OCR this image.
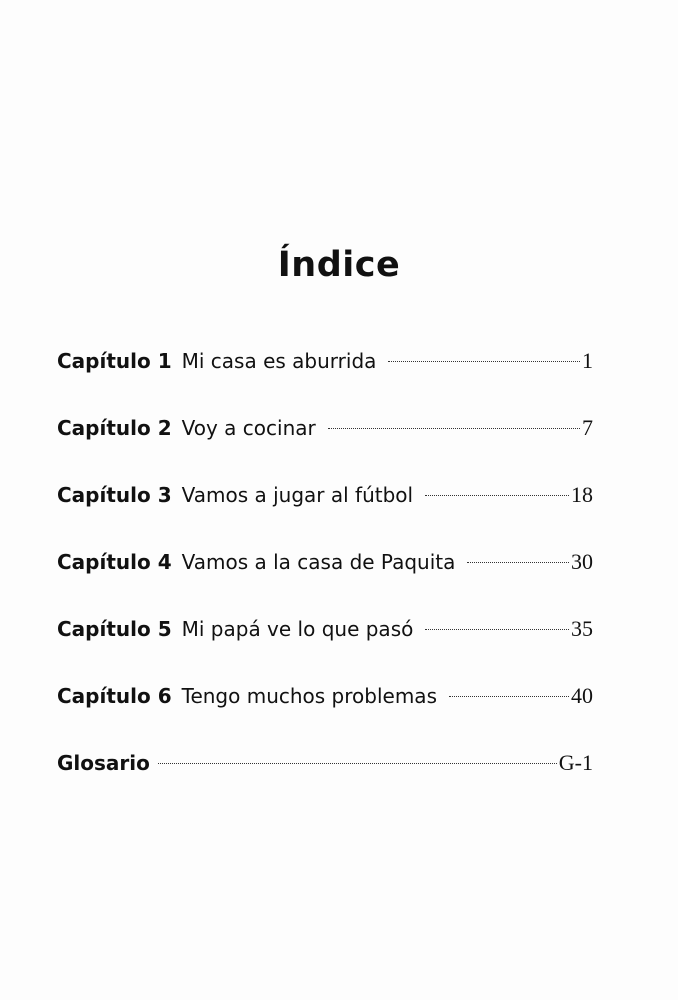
Índice
Capítulo 1 Mi casa es aburrida	1
Capítulo 2 Voy a cocinar	7
Capítulo 3 Vamos a jugar al fútbol	18
Capítulo 4 Vamos a la casa de Paquita	30
Capítulo 5 Mi papá ve lo que pasó	35
Capítulo 6 Tengo muchos problemas	40
Glosario	G-1
